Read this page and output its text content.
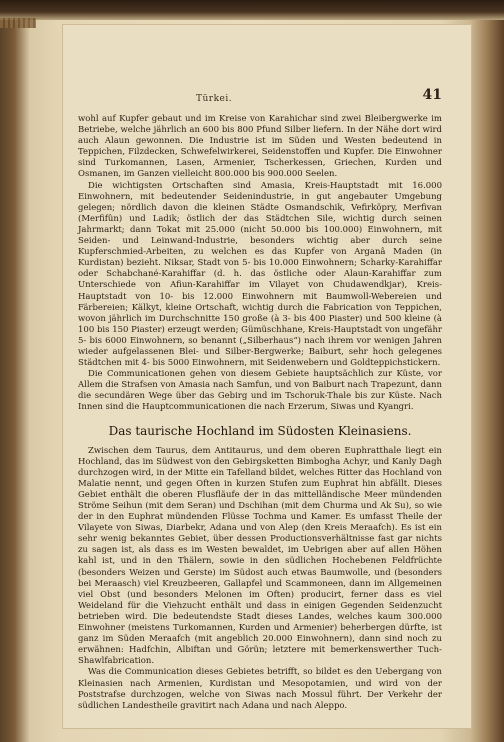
Türkei.	41

wohl auf Kupfer gebaut und im Kreise von Karahichar sind zwei Bleibergwerke im Betriebe, welche jährlich an 600 bis 800 Pfund Silber liefern. In der Nähe dort wird auch Alaun gewonnen. Die Industrie ist im Süden und Westen bedeutend in Teppichen, Filzdecken, Schwefelwirkerei, Seidenstoffen und Kupfer. Die Einwohner sind Turkomannen, Lasen, Armenier, Tscherkessen, Griechen, Kurden und Osmanen, im Ganzen vielleicht 800.000 bis 900.000 Seelen.

Die wichtigsten Ortschaften sind Amasia, Kreis-Hauptstadt mit 16.000 Einwohnern, mit bedeutender Seidenindustrie, in gut angebauter Umgebung gelegen; nördlich davon die kleinen Städte Osmandschik, Vefirköpry, Merfivan (Merfifûn) und Ladik; östlich der das Städtchen Sile, wichtig durch seinen Jahrmarkt; dann Tokat mit 25.000 (nicht 50.000 bis 100.000) Einwohnern, mit Seiden- und Leinwand-Industrie, besonders wichtig aber durch seine Kupferschmied-Arbeiten, zu welchen es das Kupfer von Arganâ Maden (in Kurdistan) bezieht. Niksar, Stadt von 5- bis 10.000 Einwohnern; Scharky-Karahiffar oder Schabchané-Karahiffar (d. h. das östliche oder Alaun-Karahiffar zum Unterschiede von Afiun-Karahiffar im Vilayet von Chudawendkjar), Kreis-Hauptstadt von 10- bis 12.000 Einwohnern mit Baumwoll-Webereien und Färbereien; Kälkyt, kleine Ortschaft, wichtig durch die Fabrication von Teppichen, wovon jährlich im Durchschnitte 150 große (à 3- bis 400 Piaster) und 500 kleine (à 100 bis 150 Piaster) erzeugt werden; Gümüschhane, Kreis-Hauptstadt von ungefähr 5- bis 6000 Einwohnern, so benannt („Silberhaus“) nach ihrem vor wenigen Jahren wieder aufgelassenen Blei- und Silber-Bergwerke; Baiburt, sehr hoch gelegenes Städtchen mit 4- bis 5000 Einwohnern, mit Seidenwebern und Goldteppichstickern.

Die Communicationen gehen von diesem Gebiete hauptsächlich zur Küste, vor Allem die Strafsen von Amasia nach Samfun, und von Baiburt nach Trapezunt, dann die secundären Wege über das Gebirg und im Tschoruk-Thale bis zur Küste. Nach Innen sind die Hauptcommunicationen die nach Erzerum, Siwas und Kyangri.

Das taurische Hochland im Südosten Kleinasiens.

Zwischen dem Taurus, dem Antitaurus, und dem oberen Euphratthale liegt ein Hochland, das im Südwest von den Gebirgsketten Bimbogha Achyr, und Kanly Dagh durchzogen wird, in der Mitte ein Tafelland bildet, welches Ritter das Hochland von Malatie nennt, und gegen Often in kurzen Stufen zum Euphrat hin abfällt. Dieses Gebiet enthält die oberen Flusfläufe der in das mittelländische Meer mündenden Ströme Seihun (mit dem Seran) und Dschihan (mit dem Churma und Ak Su), so wie der in den Euphrat mündenden Flüsse Tochma und Kamer. Es umfasst Theile der Vilayete von Siwas, Diarbekr, Adana und von Alep (den Kreis Meraafch). Es ist ein sehr wenig bekanntes Gebiet, über dessen Productionsverhältnisse fast gar nichts zu sagen ist, als dass es im Westen bewaldet, im Uebrigen aber auf allen Höhen kahl ist, und in den Thälern, sowie in den südlichen Hochebenen Feldfrüchte (besonders Weizen und Gerste) im Südost auch etwas Baumwolle, und (besonders bei Meraasch) viel Kreuzbeeren, Gallapfel und Scammoneen, dann im Allgemeinen viel Obst (und besonders Melonen im Often) producirt, ferner dass es viel Weideland für die Viehzucht enthält und dass in einigen Gegenden Seidenzucht betrieben wird. Die bedeutendste Stadt dieses Landes, welches kaum 300.000 Einwohner (meistens Turkomannen, Kurden und Armenier) beherbergen dürfte, ist ganz im Süden Meraafch (mit angeblich 20.000 Einwohnern), dann sind noch zu erwähnen: Hadfchin, Albiftan und Görün; letztere mit bemerkenswerther Tuch- Shawlfabrication.

Was die Communication dieses Gebietes betrifft, so bildet es den Uebergang von Kleinasien nach Armenien, Kurdistan und Mesopotamien, und wird von der Poststrafse durchzogen, welche von Siwas nach Mossul führt. Der Verkehr der südlichen Landestheile gravitirt nach Adana und nach Aleppo.
